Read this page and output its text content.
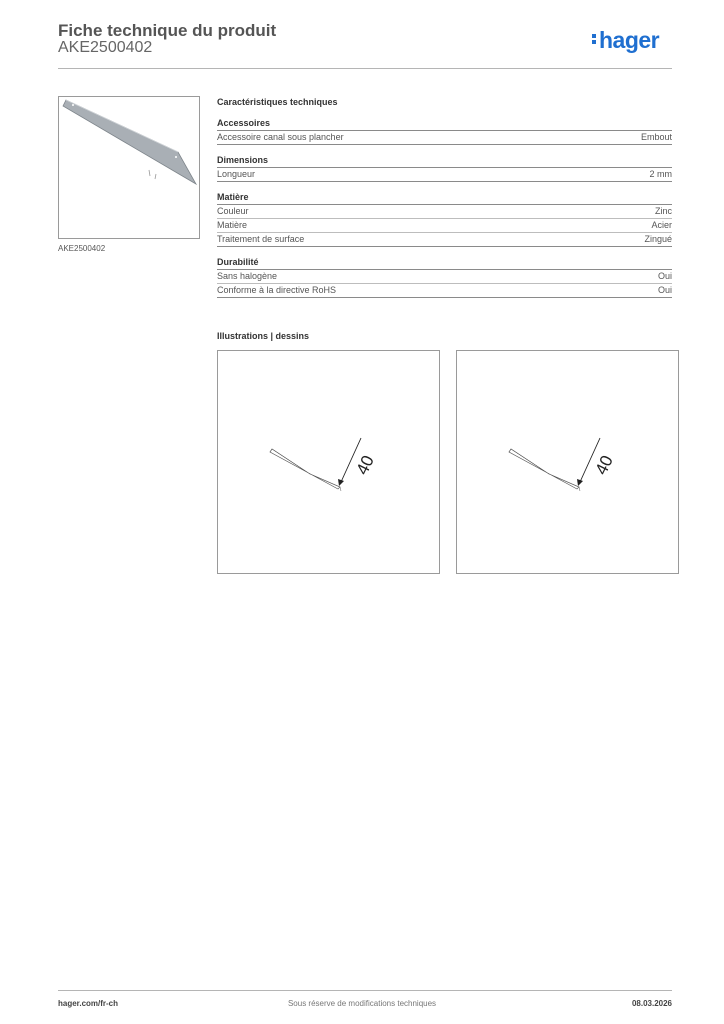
Fiche technique du produit
AKE2500402	hager
AKE2500402
Caractéristiques techniques
Accessoires
Accessoire canal sous plancher	Embout
Dimensions
Longueur	2 mm
Matière
Couleur	Zinc
Matière	Acier
Traitement de surface	Zingué
Durabilité
Sans halogène	Oui
Conforme à la directive RoHS	Oui
Illustrations | dessins
40	40
Sous réserve de modifications techniques
hager.com/fr-ch	08.03.2026
